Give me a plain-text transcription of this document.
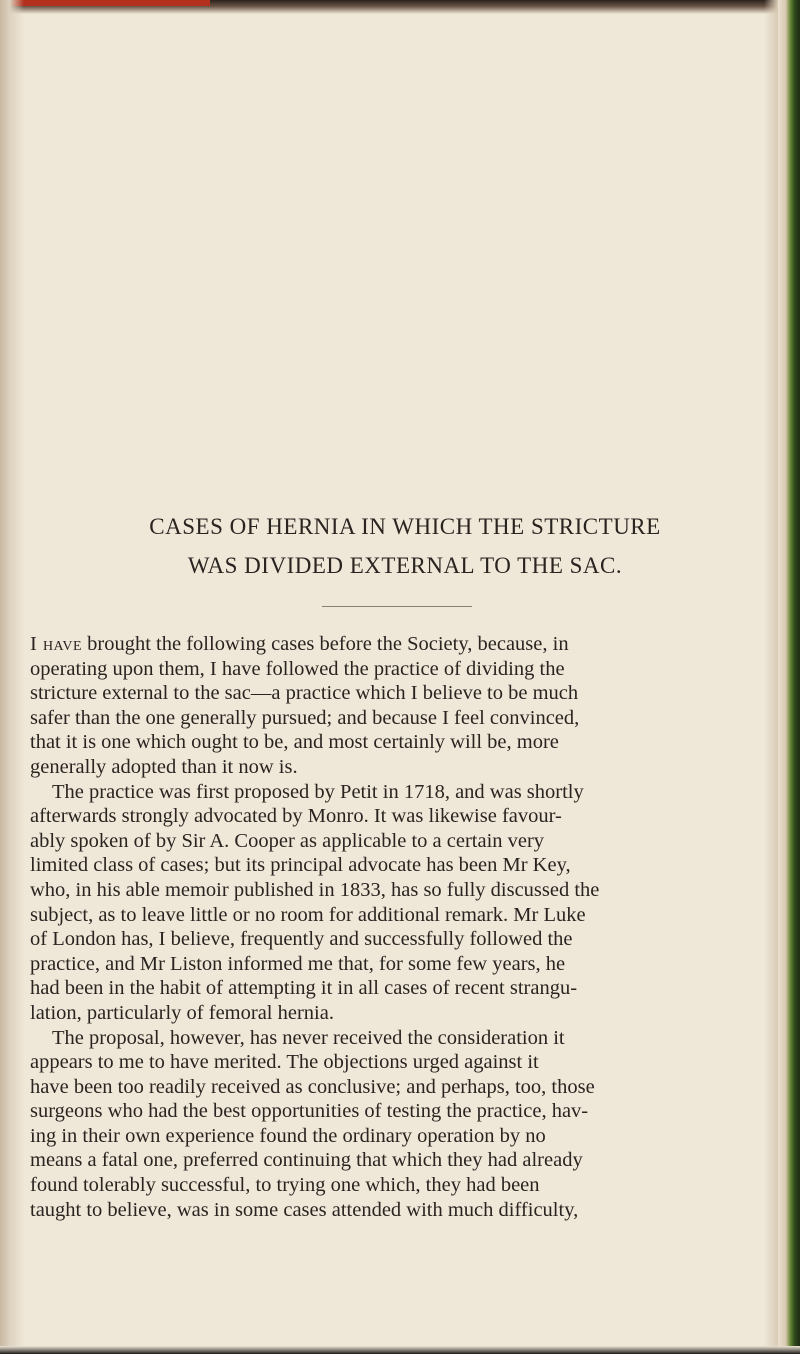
CASES OF HERNIA IN WHICH THE STRICTURE
WAS DIVIDED EXTERNAL TO THE SAC.
I have brought the following cases before the Society, because, in
operating upon them, I have followed the practice of dividing the
stricture external to the sac—a practice which I believe to be much
safer than the one generally pursued; and because I feel convinced,
that it is one which ought to be, and most certainly will be, more
generally adopted than it now is.
The practice was first proposed by Petit in 1718, and was shortly
afterwards strongly advocated by Monro. It was likewise favour-
ably spoken of by Sir A. Cooper as applicable to a certain very
limited class of cases; but its principal advocate has been Mr Key,
who, in his able memoir published in 1833, has so fully discussed the
subject, as to leave little or no room for additional remark. Mr Luke
of London has, I believe, frequently and successfully followed the
practice, and Mr Liston informed me that, for some few years, he
had been in the habit of attempting it in all cases of recent strangu-
lation, particularly of femoral hernia.
The proposal, however, has never received the consideration it
appears to me to have merited. The objections urged against it
have been too readily received as conclusive; and perhaps, too, those
surgeons who had the best opportunities of testing the practice, hav-
ing in their own experience found the ordinary operation by no
means a fatal one, preferred continuing that which they had already
found tolerably successful, to trying one which, they had been
taught to believe, was in some cases attended with much difficulty,
